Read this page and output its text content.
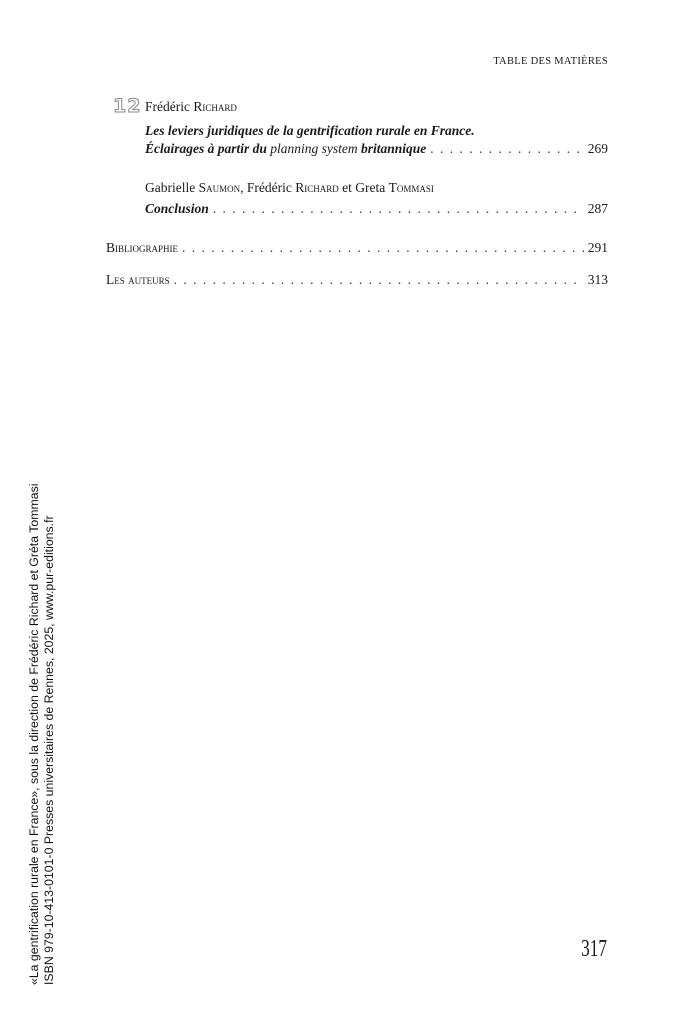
TABLE DES MATIÈRES
12 Frédéric Richard
Les leviers juridiques de la gentrification rurale en France.
Éclairages à partir du planning system britannique . . .	269
Gabrielle Saumon, Frédéric Richard et Greta Tommasi
Conclusion . . .	287
Bibliographie . . .	291
Les auteurs . . .	313
317
«La gentrification rurale en France», sous la direction de Frédéric Richard et Gréta Tommasi ISBN 979-10-413-0101-0 Presses universitaires de Rennes, 2025, www.pur-editions.fr
